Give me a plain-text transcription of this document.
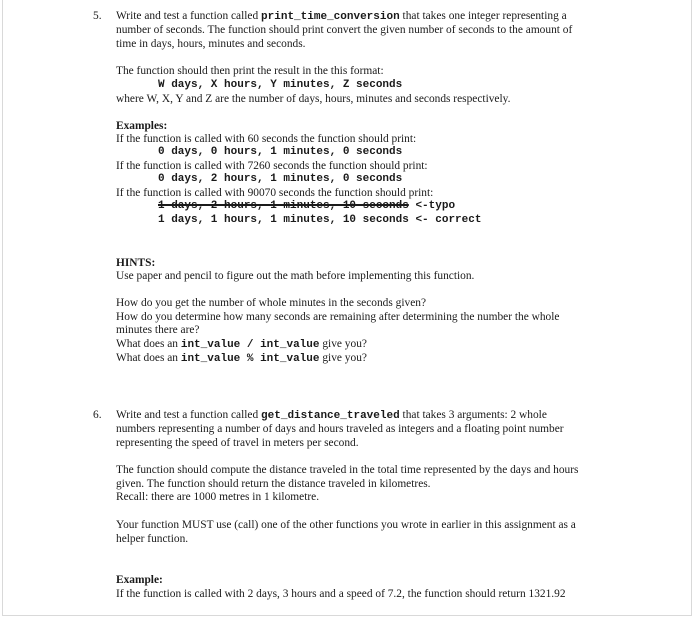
5. Write and test a function called print_time_conversion that takes one integer representing a
number of seconds. The function should print convert the given number of seconds to the amount of
time in days, hours, minutes and seconds.
The function should then print the result in the this format:
W days, X hours, Y minutes, Z seconds
where W, X, Y and Z are the number of days, hours, minutes and seconds respectively.
Examples:
If the function is called with 60 seconds the function should print:
0 days, 0 hours, 1 minutes, 0 seconds
If the function is called with 7260 seconds the function should print:
0 days, 2 hours, 1 minutes, 0 seconds
If the function is called with 90070 seconds the function should print:
1 days, 2 hours, 1 minutes, 10 seconds <-typo
1 days, 1 hours, 1 minutes, 10 seconds <- correct
HINTS:
Use paper and pencil to figure out the math before implementing this function.
How do you get the number of whole minutes in the seconds given?
How do you determine how many seconds are remaining after determining the number the whole
minutes there are?
What does an int_value / int_value give you?
What does an int_value % int_value give you?
6. Write and test a function called get_distance_traveled that takes 3 arguments: 2 whole
numbers representing a number of days and hours traveled as integers and a floating point number
representing the speed of travel in meters per second.
The function should compute the distance traveled in the total time represented by the days and hours
given. The function should return the distance traveled in kilometres.
Recall: there are 1000 metres in 1 kilometre.
Your function MUST use (call) one of the other functions you wrote in earlier in this assignment as a
helper function.
Example:
If the function is called with 2 days, 3 hours and a speed of 7.2, the function should return 1321.92
